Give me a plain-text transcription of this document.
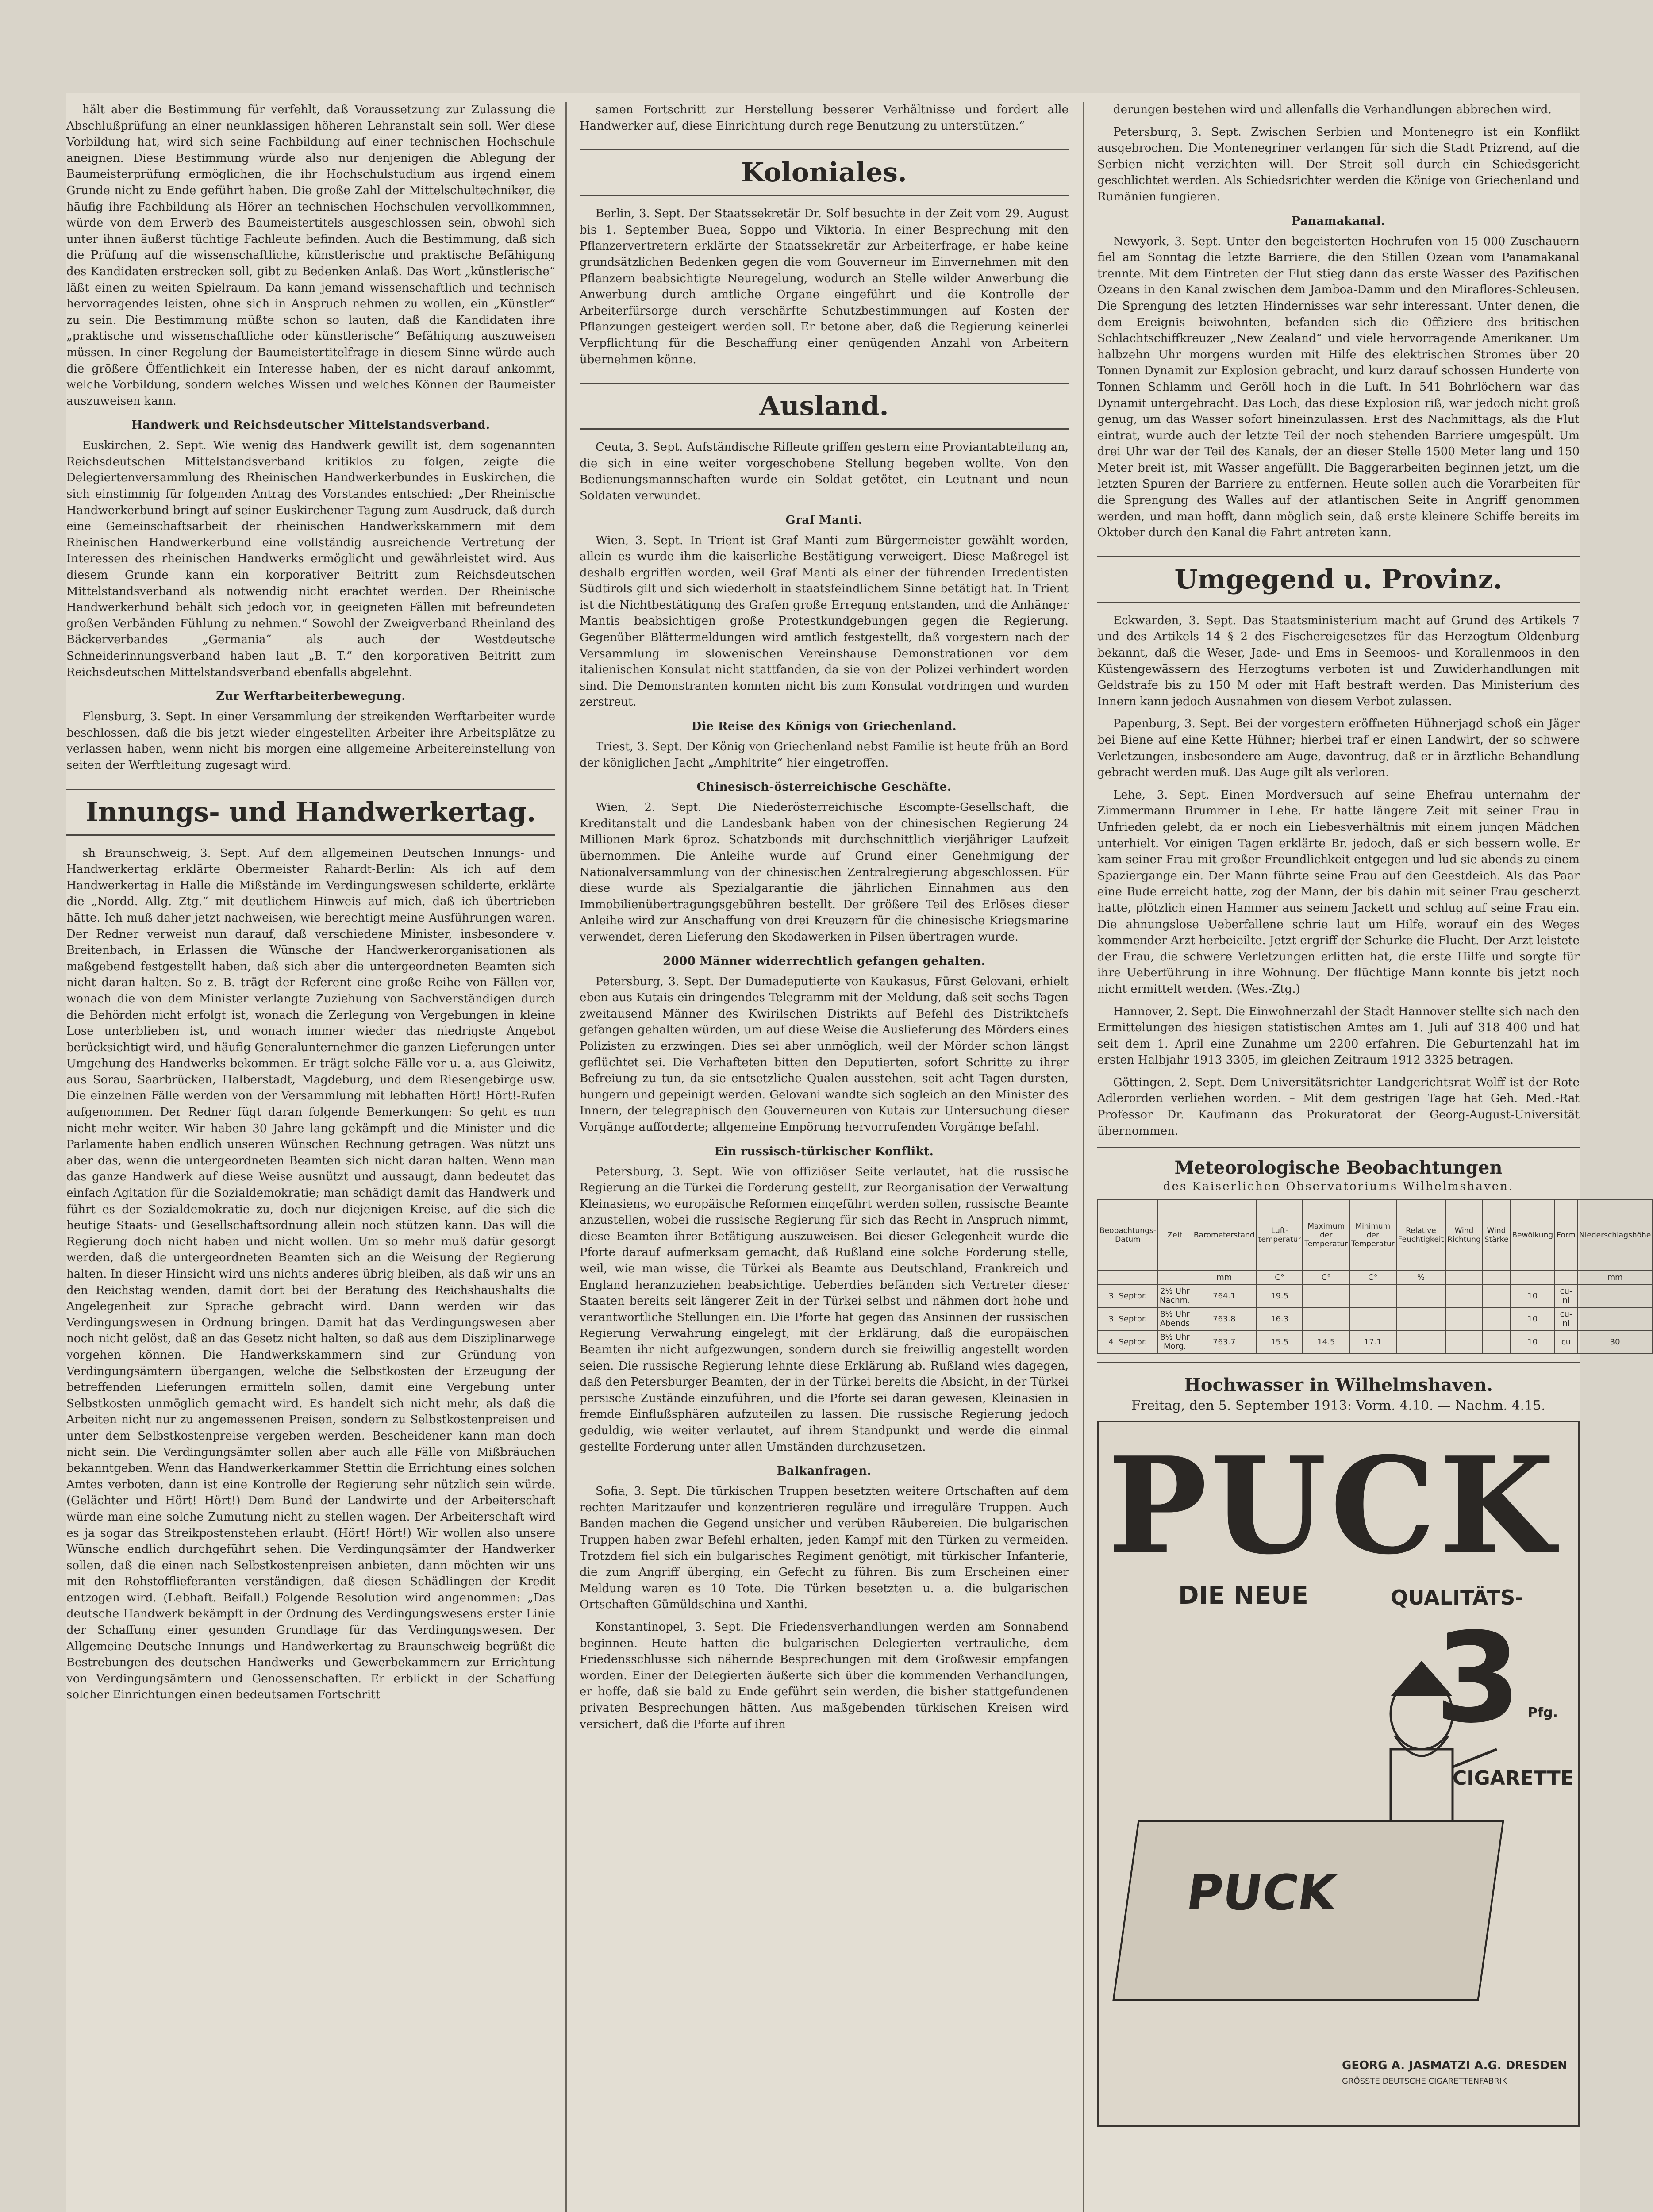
hält aber die Bestimmung für verfehlt, daß Voraussetzung zur Zulassung die Abschlußprüfung an einer neunklassigen höheren Lehranstalt sein soll. Wer diese Vorbildung hat, wird sich seine Fachbildung auf einer technischen Hochschule aneignen. Diese Bestimmung würde also nur denjenigen die Ablegung der Baumeisterprüfung ermöglichen, die ihr Hochschulstudium aus irgend einem Grunde nicht zu Ende geführt haben. Die große Zahl der Mittelschultechniker, die häufig ihre Fachbildung als Hörer an technischen Hochschulen vervollkommnen, würde von dem Erwerb des Baumeistertitels ausgeschlossen sein, obwohl sich unter ihnen äußerst tüchtige Fachleute befinden. Auch die Bestimmung, daß sich die Prüfung auf die wissenschaftliche, künstlerische und praktische Befähigung des Kandidaten erstrecken soll, gibt zu Bedenken Anlaß. Das Wort „künstlerische“ läßt einen zu weiten Spielraum. Da kann jemand wissenschaftlich und technisch hervorragendes leisten, ohne sich in Anspruch nehmen zu wollen, ein „Künstler“ zu sein. Die Bestimmung müßte schon so lauten, daß die Kandidaten ihre „praktische und wissenschaftliche oder künstlerische“ Befähigung auszuweisen müssen. In einer Regelung der Baumeistertitelfrage in diesem Sinne würde auch die größere Öffentlichkeit ein Interesse haben, der es nicht darauf ankommt, welche Vorbildung, sondern welches Wissen und welches Können der Baumeister auszuweisen kann.

Handwerk und Reichsdeutscher Mittelstandsverband.

Euskirchen, 2. Sept. Wie wenig das Handwerk gewillt ist, dem sogenannten Reichsdeutschen Mittelstandsverband kritiklos zu folgen, zeigte die Delegiertenversammlung des Rheinischen Handwerkerbundes in Euskirchen, die sich einstimmig für folgenden Antrag des Vorstandes entschied: „Der Rheinische Handwerkerbund bringt auf seiner Euskirchener Tagung zum Ausdruck, daß durch eine Gemeinschaftsarbeit der rheinischen Handwerkskammern mit dem Rheinischen Handwerkerbund eine vollständig ausreichende Vertretung der Interessen des rheinischen Handwerks ermöglicht und gewährleistet wird. Aus diesem Grunde kann ein korporativer Beitritt zum Reichsdeutschen Mittelstandsverband als notwendig nicht erachtet werden. Der Rheinische Handwerkerbund behält sich jedoch vor, in geeigneten Fällen mit befreundeten großen Verbänden Fühlung zu nehmen.“ Sowohl der Zweigverband Rheinland des Bäckerverbandes „Germania“ als auch der Westdeutsche Schneiderinnungsverband haben laut „B. T.“ den korporativen Beitritt zum Reichsdeutschen Mittelstandsverband ebenfalls abgelehnt.

Zur Werftarbeiterbewegung.

Flensburg, 3. Sept. In einer Versammlung der streikenden Werftarbeiter wurde beschlossen, daß die bis jetzt wieder eingestellten Arbeiter ihre Arbeitsplätze zu verlassen haben, wenn nicht bis morgen eine allgemeine Arbeitereinstellung von seiten der Werftleitung zugesagt wird.

Innungs- und Handwerkertag.

sh Braunschweig, 3. Sept. Auf dem allgemeinen Deutschen Innungs- und Handwerkertag erklärte Obermeister Rahardt-Berlin: Als ich auf dem Handwerkertag in Halle die Mißstände im Verdingungswesen schilderte, erklärte die „Nordd. Allg. Ztg.“ mit deutlichem Hinweis auf mich, daß ich übertrieben hätte. Ich muß daher jetzt nachweisen, wie berechtigt meine Ausführungen waren. Der Redner verweist nun darauf, daß verschiedene Minister, insbesondere v. Breitenbach, in Erlassen die Wünsche der Handwerkerorganisationen als maßgebend festgestellt haben, daß sich aber die untergeordneten Beamten sich nicht daran halten. So z. B. trägt der Referent eine große Reihe von Fällen vor, wonach die von dem Minister verlangte Zuziehung von Sachverständigen durch die Behörden nicht erfolgt ist, wonach die Zerlegung von Vergebungen in kleine Lose unterblieben ist, und wonach immer wieder das niedrigste Angebot berücksichtigt wird, und häufig Generalunternehmer die ganzen Lieferungen unter Umgehung des Handwerks bekommen. Er trägt solche Fälle vor u. a. aus Gleiwitz, aus Sorau, Saarbrücken, Halberstadt, Magdeburg, und dem Riesengebirge usw. Die einzelnen Fälle werden von der Versammlung mit lebhaften Hört! Hört!-Rufen aufgenommen. Der Redner fügt daran folgende Bemerkungen: So geht es nun nicht mehr weiter. Wir haben 30 Jahre lang gekämpft und die Minister und die Parlamente haben endlich unseren Wünschen Rechnung getragen. Was nützt uns aber das, wenn die untergeordneten Beamten sich nicht daran halten. Wenn man das ganze Handwerk auf diese Weise ausnützt und aussaugt, dann bedeutet das einfach Agitation für die Sozialdemokratie; man schädigt damit das Handwerk und führt es der Sozialdemokratie zu, doch nur diejenigen Kreise, auf die sich die heutige Staats- und Gesellschaftsordnung allein noch stützen kann. Das will die Regierung doch nicht haben und nicht wollen. Um so mehr muß dafür gesorgt werden, daß die untergeordneten Beamten sich an die Weisung der Regierung halten. In dieser Hinsicht wird uns nichts anderes übrig bleiben, als daß wir uns an den Reichstag wenden, damit dort bei der Beratung des Reichshaushalts die Angelegenheit zur Sprache gebracht wird. Dann werden wir das Verdingungswesen in Ordnung bringen. Damit hat das Verdingungswesen aber noch nicht gelöst, daß an das Gesetz nicht halten, so daß aus dem Disziplinarwege vorgehen können. Die Handwerkskammern sind zur Gründung von Verdingungsämtern übergangen, welche die Selbstkosten der Erzeugung der betreffenden Lieferungen ermitteln sollen, damit eine Vergebung unter Selbstkosten unmöglich gemacht wird. Es handelt sich nicht mehr, als daß die Arbeiten nicht nur zu angemessenen Preisen, sondern zu Selbstkostenpreisen und unter dem Selbstkostenpreise vergeben werden. Bescheidener kann man doch nicht sein. Die Verdingungsämter sollen aber auch alle Fälle von Mißbräuchen bekanntgeben. Wenn das Handwerkerkammer Stettin die Errichtung eines solchen Amtes verboten, dann ist eine Kontrolle der Regierung sehr nützlich sein würde. (Gelächter und Hört! Hört!) Dem Bund der Landwirte und der Arbeiterschaft würde man eine solche Zumutung nicht zu stellen wagen. Der Arbeiterschaft wird es ja sogar das Streikpostenstehen erlaubt. (Hört! Hört!) Wir wollen also unsere Wünsche endlich durchgeführt sehen. Die Verdingungsämter der Handwerker sollen, daß die einen nach Selbstkostenpreisen anbieten, dann möchten wir uns mit den Rohstofflieferanten verständigen, daß diesen Schädlingen der Kredit entzogen wird. (Lebhaft. Beifall.) Folgende Resolution wird angenommen: „Das deutsche Handwerk bekämpft in der Ordnung des Verdingungswesens erster Linie der Schaffung einer gesunden Grundlage für das Verdingungswesen. Der Allgemeine Deutsche Innungs- und Handwerkertag zu Braunschweig begrüßt die Bestrebungen des deutschen Handwerks- und Gewerbekammern zur Errichtung von Verdingungsämtern und Genossenschaften. Er erblickt in der Schaffung solcher Einrichtungen einen bedeutsamen Fortschritt

samen Fortschritt zur Herstellung besserer Verhältnisse und fordert alle Handwerker auf, diese Einrichtung durch rege Benutzung zu unterstützen.“

Koloniales.

Berlin, 3. Sept. Der Staatssekretär Dr. Solf besuchte in der Zeit vom 29. August bis 1. September Buea, Soppo und Viktoria. In einer Besprechung mit den Pflanzervertretern erklärte der Staatssekretär zur Arbeiterfrage, er habe keine grundsätzlichen Bedenken gegen die vom Gouverneur im Einvernehmen mit den Pflanzern beabsichtigte Neuregelung, wodurch an Stelle wilder Anwerbung die Anwerbung durch amtliche Organe eingeführt und die Kontrolle der Arbeiterfürsorge durch verschärfte Schutzbestimmungen auf Kosten der Pflanzungen gesteigert werden soll. Er betone aber, daß die Regierung keinerlei Verpflichtung für die Beschaffung einer genügenden Anzahl von Arbeitern übernehmen könne.

Ausland.

Ceuta, 3. Sept. Aufständische Rifleute griffen gestern eine Proviantabteilung an, die sich in eine weiter vorgeschobene Stellung begeben wollte. Von den Bedienungsmannschaften wurde ein Soldat getötet, ein Leutnant und neun Soldaten verwundet.

Graf Manti.

Wien, 3. Sept. In Trient ist Graf Manti zum Bürgermeister gewählt worden, allein es wurde ihm die kaiserliche Bestätigung verweigert. Diese Maßregel ist deshalb ergriffen worden, weil Graf Manti als einer der führenden Irredentisten Südtirols gilt und sich wiederholt in staatsfeindlichem Sinne betätigt hat. In Trient ist die Nichtbestätigung des Grafen große Erregung entstanden, und die Anhänger Mantis beabsichtigen große Protestkundgebungen gegen die Regierung. Gegenüber Blättermeldungen wird amtlich festgestellt, daß vorgestern nach der Versammlung im slowenischen Vereinshause Demonstrationen vor dem italienischen Konsulat nicht stattfanden, da sie von der Polizei verhindert worden sind. Die Demonstranten konnten nicht bis zum Konsulat vordringen und wurden zerstreut.

Die Reise des Königs von Griechenland.

Triest, 3. Sept. Der König von Griechenland nebst Familie ist heute früh an Bord der königlichen Jacht „Amphitrite“ hier eingetroffen.

Chinesisch-österreichische Geschäfte.

Wien, 2. Sept. Die Niederösterreichische Escompte-Gesellschaft, die Kreditanstalt und die Landesbank haben von der chinesischen Regierung 24 Millionen Mark 6proz. Schatzbonds mit durchschnittlich vierjähriger Laufzeit übernommen. Die Anleihe wurde auf Grund einer Genehmigung der Nationalversammlung von der chinesischen Zentralregierung abgeschlossen. Für diese wurde als Spezialgarantie die jährlichen Einnahmen aus den Immobilienübertragungsgebühren bestellt. Der größere Teil des Erlöses dieser Anleihe wird zur Anschaffung von drei Kreuzern für die chinesische Kriegsmarine verwendet, deren Lieferung den Skodawerken in Pilsen übertragen wurde.

2000 Männer widerrechtlich gefangen gehalten.

Petersburg, 3. Sept. Der Dumadeputierte von Kaukasus, Fürst Gelovani, erhielt eben aus Kutais ein dringendes Telegramm mit der Meldung, daß seit sechs Tagen zweitausend Männer des Kwirilschen Distrikts auf Befehl des Distriktchefs gefangen gehalten würden, um auf diese Weise die Auslieferung des Mörders eines Polizisten zu erzwingen. Dies sei aber unmöglich, weil der Mörder schon längst geflüchtet sei. Die Verhafteten bitten den Deputierten, sofort Schritte zu ihrer Befreiung zu tun, da sie entsetzliche Qualen ausstehen, seit acht Tagen dursten, hungern und gepeinigt werden. Gelovani wandte sich sogleich an den Minister des Innern, der telegraphisch den Gouverneuren von Kutais zur Untersuchung dieser Vorgänge aufforderte; allgemeine Empörung hervorrufenden Vorgänge befahl.

Ein russisch-türkischer Konflikt.

Petersburg, 3. Sept. Wie von offiziöser Seite verlautet, hat die russische Regierung an die Türkei die Forderung gestellt, zur Reorganisation der Verwaltung Kleinasiens, wo europäische Reformen eingeführt werden sollen, russische Beamte anzustellen, wobei die russische Regierung für sich das Recht in Anspruch nimmt, diese Beamten ihrer Betätigung auszuweisen. Bei dieser Gelegenheit wurde die Pforte darauf aufmerksam gemacht, daß Rußland eine solche Forderung stelle, weil, wie man wisse, die Türkei als Beamte aus Deutschland, Frankreich und England heranzuziehen beabsichtige. Ueberdies befänden sich Vertreter dieser Staaten bereits seit längerer Zeit in der Türkei selbst und nähmen dort hohe und verantwortliche Stellungen ein. Die Pforte hat gegen das Ansinnen der russischen Regierung Verwahrung eingelegt, mit der Erklärung, daß die europäischen Beamten ihr nicht aufgezwungen, sondern durch sie freiwillig angestellt worden seien. Die russische Regierung lehnte diese Erklärung ab. Rußland wies dagegen, daß den Petersburger Beamten, der in der Türkei bereits die Absicht, in der Türkei persische Zustände einzuführen, und die Pforte sei daran gewesen, Kleinasien in fremde Einflußsphären aufzuteilen zu lassen. Die russische Regierung jedoch geduldig, wie weiter verlautet, auf ihrem Standpunkt und werde die einmal gestellte Forderung unter allen Umständen durchzusetzen.

Balkanfragen.

Sofia, 3. Sept. Die türkischen Truppen besetzten weitere Ortschaften auf dem rechten Maritzaufer und konzentrieren reguläre und irreguläre Truppen. Auch Banden machen die Gegend unsicher und verüben Räubereien. Die bulgarischen Truppen haben zwar Befehl erhalten, jeden Kampf mit den Türken zu vermeiden. Trotzdem fiel sich ein bulgarisches Regiment genötigt, mit türkischer Infanterie, die zum Angriff überging, ein Gefecht zu führen. Bis zum Erscheinen einer Meldung waren es 10 Tote. Die Türken besetzten u. a. die bulgarischen Ortschaften Gümüldschina und Xanthi.

Konstantinopel, 3. Sept. Die Friedensverhandlungen werden am Sonnabend beginnen. Heute hatten die bulgarischen Delegierten vertrauliche, dem Friedensschlusse sich nähernde Besprechungen mit dem Großwesir empfangen worden. Einer der Delegierten äußerte sich über die kommenden Verhandlungen, er hoffe, daß sie bald zu Ende geführt sein werden, die bisher stattgefundenen privaten Besprechungen hätten. Aus maßgebenden türkischen Kreisen wird versichert, daß die Pforte auf ihren

derungen bestehen wird und allenfalls die Verhandlungen abbrechen wird.

Petersburg, 3. Sept. Zwischen Serbien und Montenegro ist ein Konflikt ausgebrochen. Die Montenegriner verlangen für sich die Stadt Prizrend, auf die Serbien nicht verzichten will. Der Streit soll durch ein Schiedsgericht geschlichtet werden. Als Schiedsrichter werden die Könige von Griechenland und Rumänien fungieren.

Panamakanal.

Newyork, 3. Sept. Unter den begeisterten Hochrufen von 15 000 Zuschauern fiel am Sonntag die letzte Barriere, die den Stillen Ozean vom Panamakanal trennte. Mit dem Eintreten der Flut stieg dann das erste Wasser des Pazifischen Ozeans in den Kanal zwischen dem Jamboa-Damm und den Miraflores-Schleusen. Die Sprengung des letzten Hindernisses war sehr interessant. Unter denen, die dem Ereignis beiwohnten, befanden sich die Offiziere des britischen Schlachtschiffkreuzer „New Zealand“ und viele hervorragende Amerikaner. Um halbzehn Uhr morgens wurden mit Hilfe des elektrischen Stromes über 20 Tonnen Dynamit zur Explosion gebracht, und kurz darauf schossen Hunderte von Tonnen Schlamm und Geröll hoch in die Luft. In 541 Bohrlöchern war das Dynamit untergebracht. Das Loch, das diese Explosion riß, war jedoch nicht groß genug, um das Wasser sofort hineinzulassen. Erst des Nachmittags, als die Flut eintrat, wurde auch der letzte Teil der noch stehenden Barriere umgespült. Um drei Uhr war der Teil des Kanals, der an dieser Stelle 1500 Meter lang und 150 Meter breit ist, mit Wasser angefüllt. Die Baggerarbeiten beginnen jetzt, um die letzten Spuren der Barriere zu entfernen. Heute sollen auch die Vorarbeiten für die Sprengung des Walles auf der atlantischen Seite in Angriff genommen werden, und man hofft, dann möglich sein, daß erste kleinere Schiffe bereits im Oktober durch den Kanal die Fahrt antreten kann.

Umgegend u. Provinz.

Eckwarden, 3. Sept. Das Staatsministerium macht auf Grund des Artikels 7 und des Artikels 14 § 2 des Fischereigesetzes für das Herzogtum Oldenburg bekannt, daß die Weser, Jade- und Ems in Seemoos- und Korallenmoos in den Küstengewässern des Herzogtums verboten ist und Zuwiderhandlungen mit Geldstrafe bis zu 150 M oder mit Haft bestraft werden. Das Ministerium des Innern kann jedoch Ausnahmen von diesem Verbot zulassen.

Papenburg, 3. Sept. Bei der vorgestern eröffneten Hühnerjagd schoß ein Jäger bei Biene auf eine Kette Hühner; hierbei traf er einen Landwirt, der so schwere Verletzungen, insbesondere am Auge, davontrug, daß er in ärztliche Behandlung gebracht werden muß. Das Auge gilt als verloren.

Lehe, 3. Sept. Einen Mordversuch auf seine Ehefrau unternahm der Zimmermann Brummer in Lehe. Er hatte längere Zeit mit seiner Frau in Unfrieden gelebt, da er noch ein Liebesverhältnis mit einem jungen Mädchen unterhielt. Vor einigen Tagen erklärte Br. jedoch, daß er sich bessern wolle. Er kam seiner Frau mit großer Freundlichkeit entgegen und lud sie abends zu einem Spaziergange ein. Der Mann führte seine Frau auf den Geestdeich. Als das Paar eine Bude erreicht hatte, zog der Mann, der bis dahin mit seiner Frau gescherzt hatte, plötzlich einen Hammer aus seinem Jackett und schlug auf seine Frau ein. Die ahnungslose Ueberfallene schrie laut um Hilfe, worauf ein des Weges kommender Arzt herbeieilte. Jetzt ergriff der Schurke die Flucht. Der Arzt leistete der Frau, die schwere Verletzungen erlitten hat, die erste Hilfe und sorgte für ihre Ueberführung in ihre Wohnung. Der flüchtige Mann konnte bis jetzt noch nicht ermittelt werden. (Wes.-Ztg.)

Hannover, 2. Sept. Die Einwohnerzahl der Stadt Hannover stellte sich nach den Ermittelungen des hiesigen statistischen Amtes am 1. Juli auf 318 400 und hat seit dem 1. April eine Zunahme um 2200 erfahren. Die Geburtenzahl hat im ersten Halbjahr 1913 3305, im gleichen Zeitraum 1912 3325 betragen.

Göttingen, 2. Sept. Dem Universitätsrichter Landgerichtsrat Wolff ist der Rote Adlerorden verliehen worden. – Mit dem gestrigen Tage hat Geh. Med.-Rat Professor Dr. Kaufmann das Prokuratorat der Georg-August-Universität übernommen.

Meteorologische Beobachtungen
des Kaiserlichen Observatoriums Wilhelmshaven.
Beobachtungs- Datum	Zeit	Barometerstand	Luft- temperatur	Maximum der Temperatur	Minimum der Temperatur	Relative Feuchtigkeit	Wind Richtung	Wind Stärke	Bewölkung	Form	Niederschlagshöhe
		mm	C°	C°	C°	%					mm
3. Septbr.	2½ Uhr Nachm.	764.1	19.5						10	cu-ni	
3. Septbr.	8½ Uhr Abends	763.8	16.3						10	cu-ni	
4. Septbr.	8½ Uhr Morg.	763.7	15.5	14.5	17.1				10	cu	30
Hochwasser in Wilhelmshaven.
Freitag, den 5. September 1913: Vorm. 4.10. — Nachm. 4.15.
PUCK
DIE NEUE	QUALITÄTS-
3 Pfg.
CIGARETTE
PUCK
GEORG A. JASMATZI A.G. DRESDEN
GRÖSSTE DEUTSCHE CIGARETTENFABRIK
